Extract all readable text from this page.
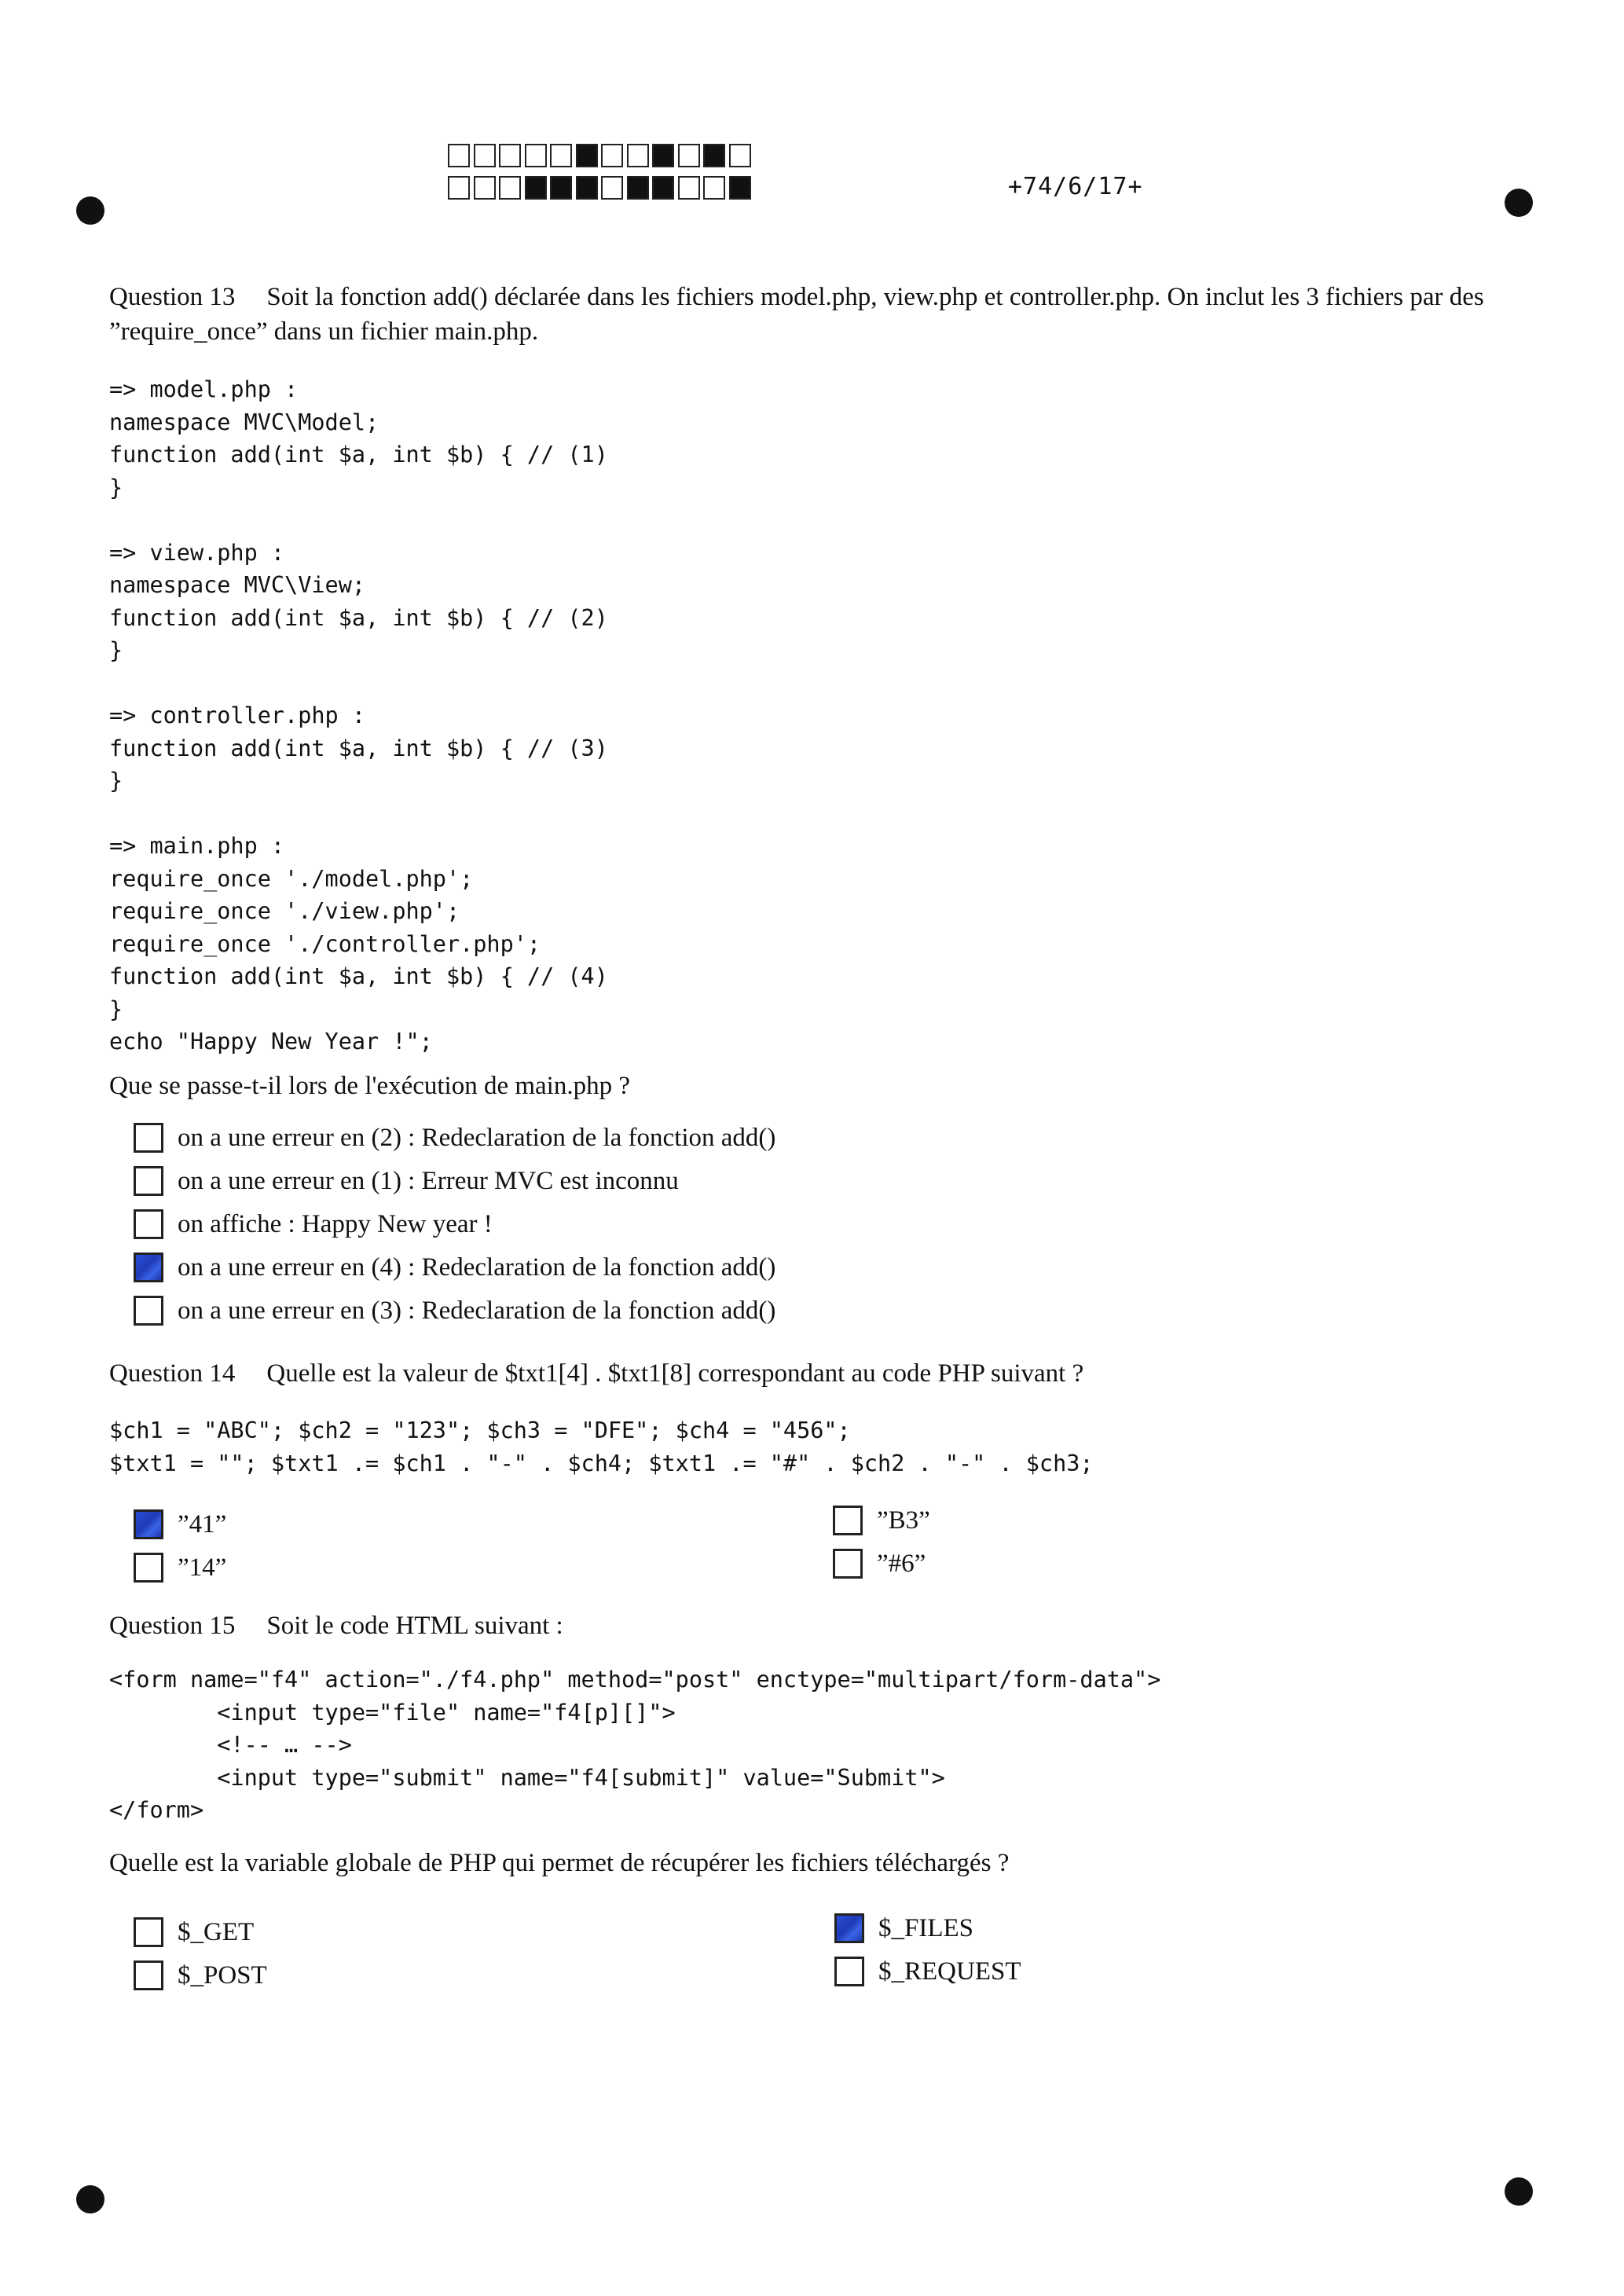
+74/6/17+
Question 13 Soit la fonction add() déclarée dans les fichiers model.php, view.php et controller.php. On inclut les 3 fichiers par des ”require_once” dans un fichier main.php.
=> model.php :
namespace MVC\Model;
function add(int $a, int $b) { // (1)
}

=> view.php :
namespace MVC\View;
function add(int $a, int $b) { // (2)
}

=> controller.php :
function add(int $a, int $b) { // (3)
}

=> main.php :
require_once './model.php';
require_once './view.php';
require_once './controller.php';
function add(int $a, int $b) { // (4)
}
echo "Happy New Year !";
Que se passe-t-il lors de l'exécution de main.php ?
on a une erreur en (2) : Redeclaration de la fonction add()
on a une erreur en (1) : Erreur MVC est inconnu
on affiche : Happy New year !
on a une erreur en (4) : Redeclaration de la fonction add()
on a une erreur en (3) : Redeclaration de la fonction add()
Question 14 Quelle est la valeur de $txt1[4] . $txt1[8] correspondant au code PHP suivant ?
$ch1 = "ABC"; $ch2 = "123"; $ch3 = "DFE"; $ch4 = "456";
$txt1 = ""; $txt1 .= $ch1 . "-" . $ch4; $txt1 .= "#" . $ch2 . "-" . $ch3;
”41”
”14”
”B3”
”#6”
Question 15 Soit le code HTML suivant :
<form name="f4" action="./f4.php" method="post" enctype="multipart/form-data">
<input type="file" name="f4[p][]">
<!-- … -->
<input type="submit" name="f4[submit]" value="Submit">
</form>
Quelle est la variable globale de PHP qui permet de récupérer les fichiers téléchargés ?
$_GET
$_POST
$_FILES
$_REQUEST
